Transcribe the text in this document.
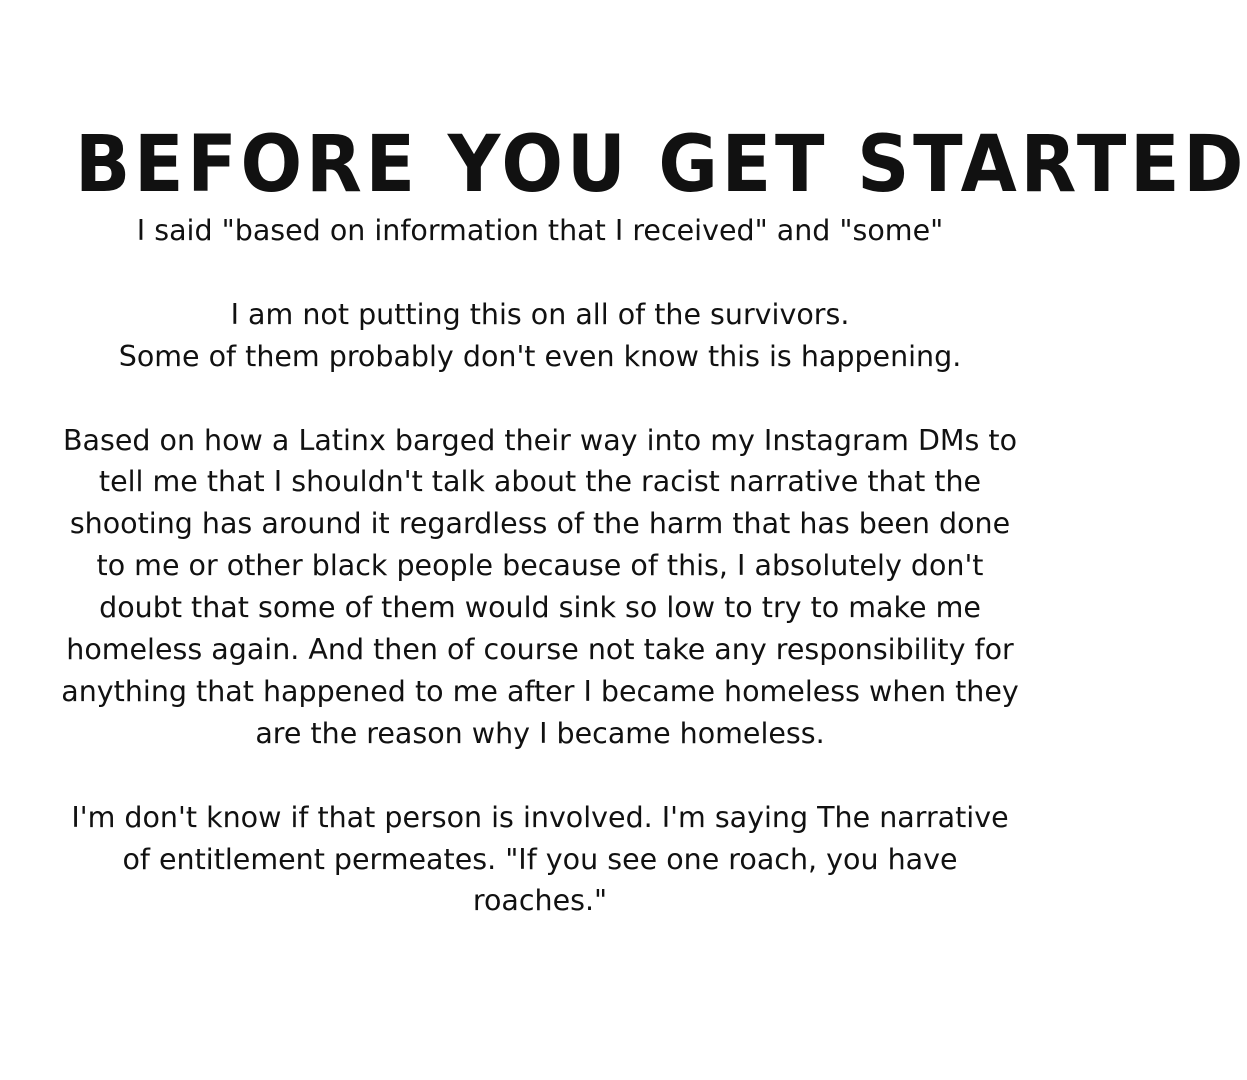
BEFORE YOU GET STARTED

I said "based on information that I received" and "some"

I am not putting this on all of the survivors.
Some of them probably don't even know this is happening.

Based on how a Latinx barged their way into my Instagram DMs to
tell me that I shouldn't talk about the racist narrative that the
shooting has around it regardless of the harm that has been done
to me or other black people because of this, I absolutely don't
doubt that some of them would sink so low to try to make me
homeless again. And then of course not take any responsibility for
anything that happened to me after I became homeless when they
are the reason why I became homeless.

I'm don't know if that person is involved. I'm saying The narrative
of entitlement permeates. "If you see one roach, you have
roaches."
